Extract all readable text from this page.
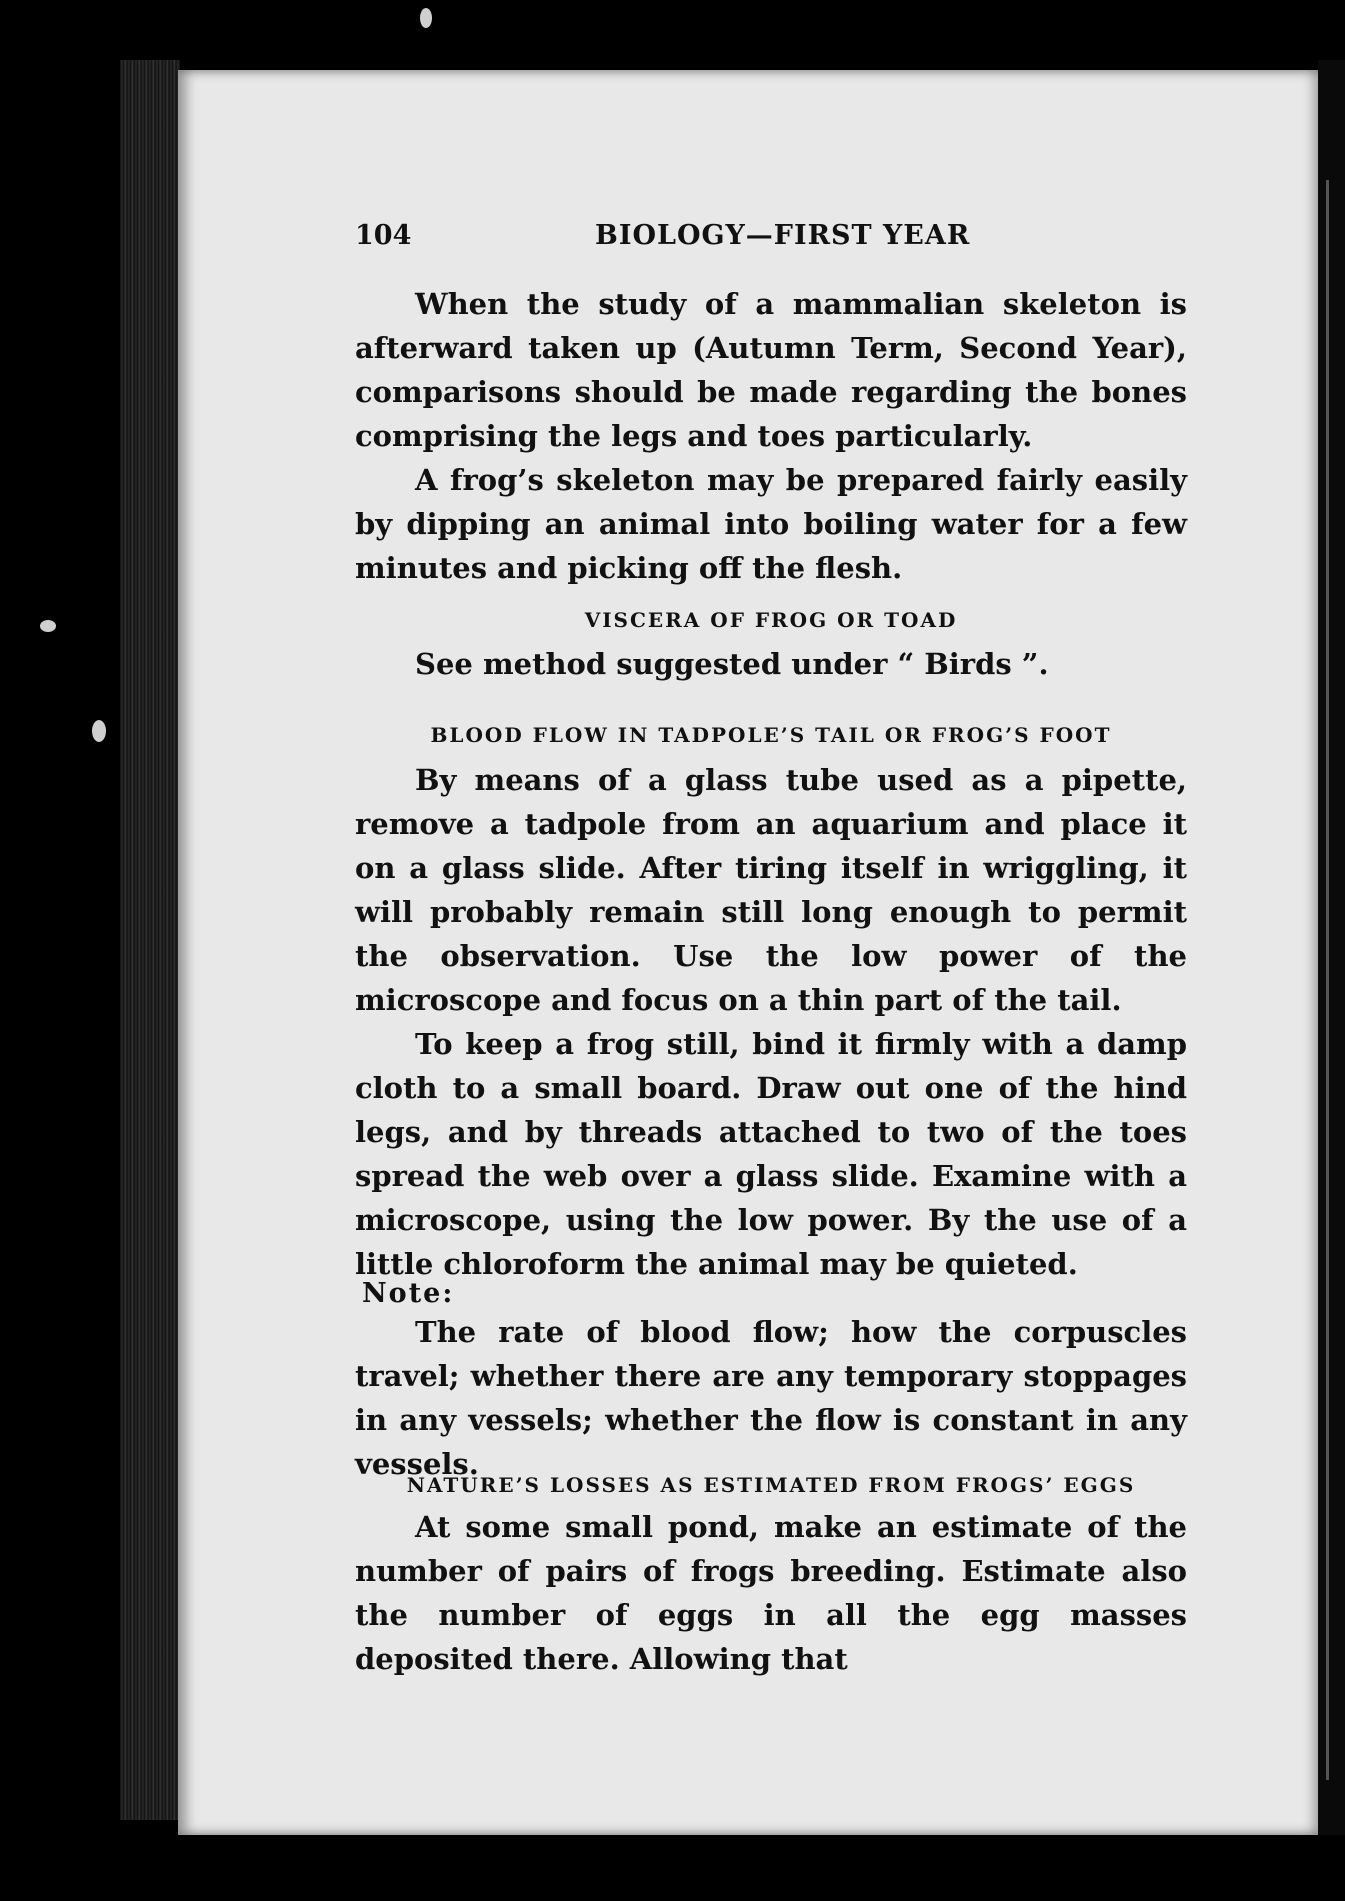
104	BIOLOGY—FIRST YEAR

When the study of a mammalian skeleton is afterward taken up (Autumn Term, Second Year), comparisons should be made regarding the bones comprising the legs and toes particularly.

A frog’s skeleton may be prepared fairly easily by dipping an animal into boiling water for a few minutes and picking off the flesh.

VISCERA OF FROG OR TOAD

See method suggested under “ Birds ”.

BLOOD FLOW IN TADPOLE’S TAIL OR FROG’S FOOT

By means of a glass tube used as a pipette, remove a tadpole from an aquarium and place it on a glass slide. After tiring itself in wriggling, it will probably remain still long enough to permit the observation. Use the low power of the microscope and focus on a thin part of the tail.

To keep a frog still, bind it firmly with a damp cloth to a small board. Draw out one of the hind legs, and by threads attached to two of the toes spread the web over a glass slide. Examine with a microscope, using the low power. By the use of a little chloroform the animal may be quieted.

Note:

The rate of blood flow; how the corpuscles travel; whether there are any temporary stoppages in any vessels; whether the flow is constant in any vessels.

NATURE’S LOSSES AS ESTIMATED FROM FROGS’ EGGS

At some small pond, make an estimate of the number of pairs of frogs breeding. Estimate also the number of eggs in all the egg masses deposited there. Allowing that
